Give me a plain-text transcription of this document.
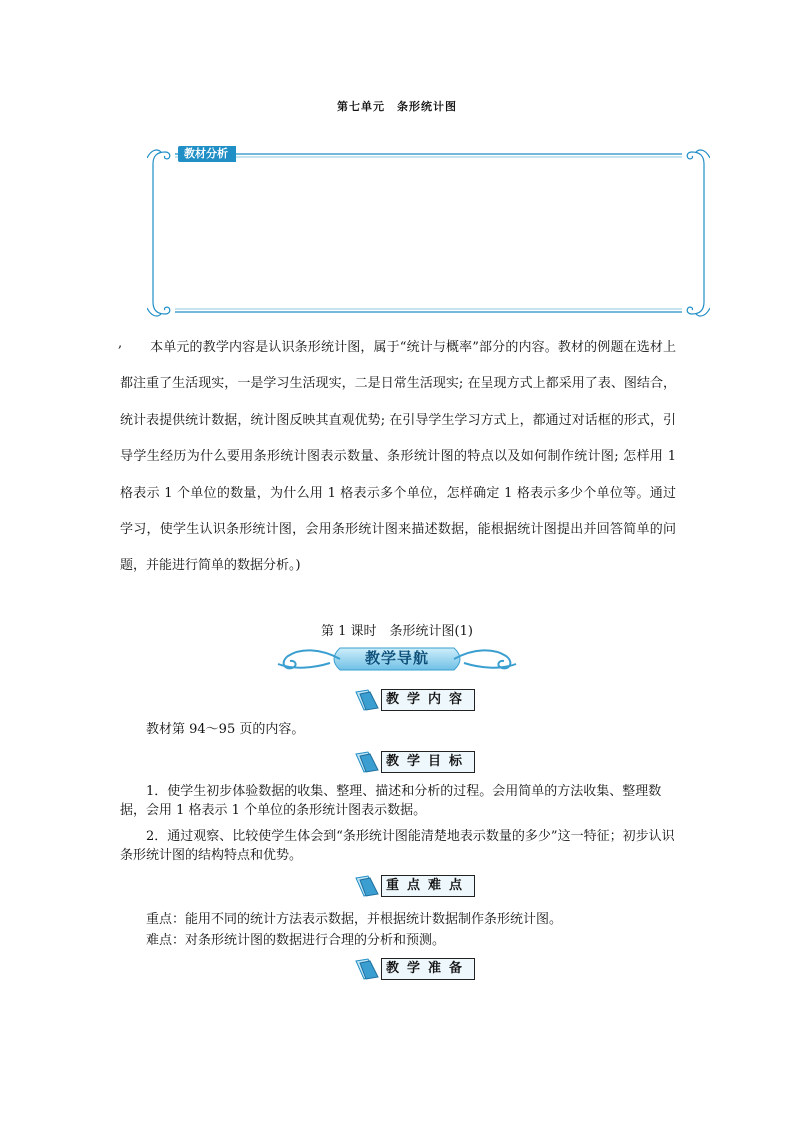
第七单元　条形统计图
教材分析
,	本单元的教学内容是认识条形统计图，属于“统计与概率”部分的内容。教材的例题在选材上都注重了生活现实，一是学习生活现实，二是日常生活现实; 在呈现方式上都采用了表、图结合，统计表提供统计数据，统计图反映其直观优势; 在引导学生学习方式上，都通过对话框的形式，引导学生经历为什么要用条形统计图表示数量、条形统计图的特点以及如何制作统计图; 怎样用 1 格表示 1 个单位的数量，为什么用 1 格表示多个单位，怎样确定 1 格表示多少个单位等。通过学习，使学生认识条形统计图，会用条形统计图来描述数据，能根据统计图提出并回答简单的问题，并能进行简单的数据分析。)
第 1 课时　条形统计图(1)
教学导航
教学内容
教材第 94～95 页的内容。
教学目标
1．使学生初步体验数据的收集、整理、描述和分析的过程。会用简单的方法收集、整理数据，会用 1 格表示 1 个单位的条形统计图表示数据。
2．通过观察、比较使学生体会到“条形统计图能清楚地表示数量的多少”这一特征；初步认识条形统计图的结构特点和优势。
重点难点
重点：能用不同的统计方法表示数据，并根据统计数据制作条形统计图。
难点：对条形统计图的数据进行合理的分析和预测。
教学准备
